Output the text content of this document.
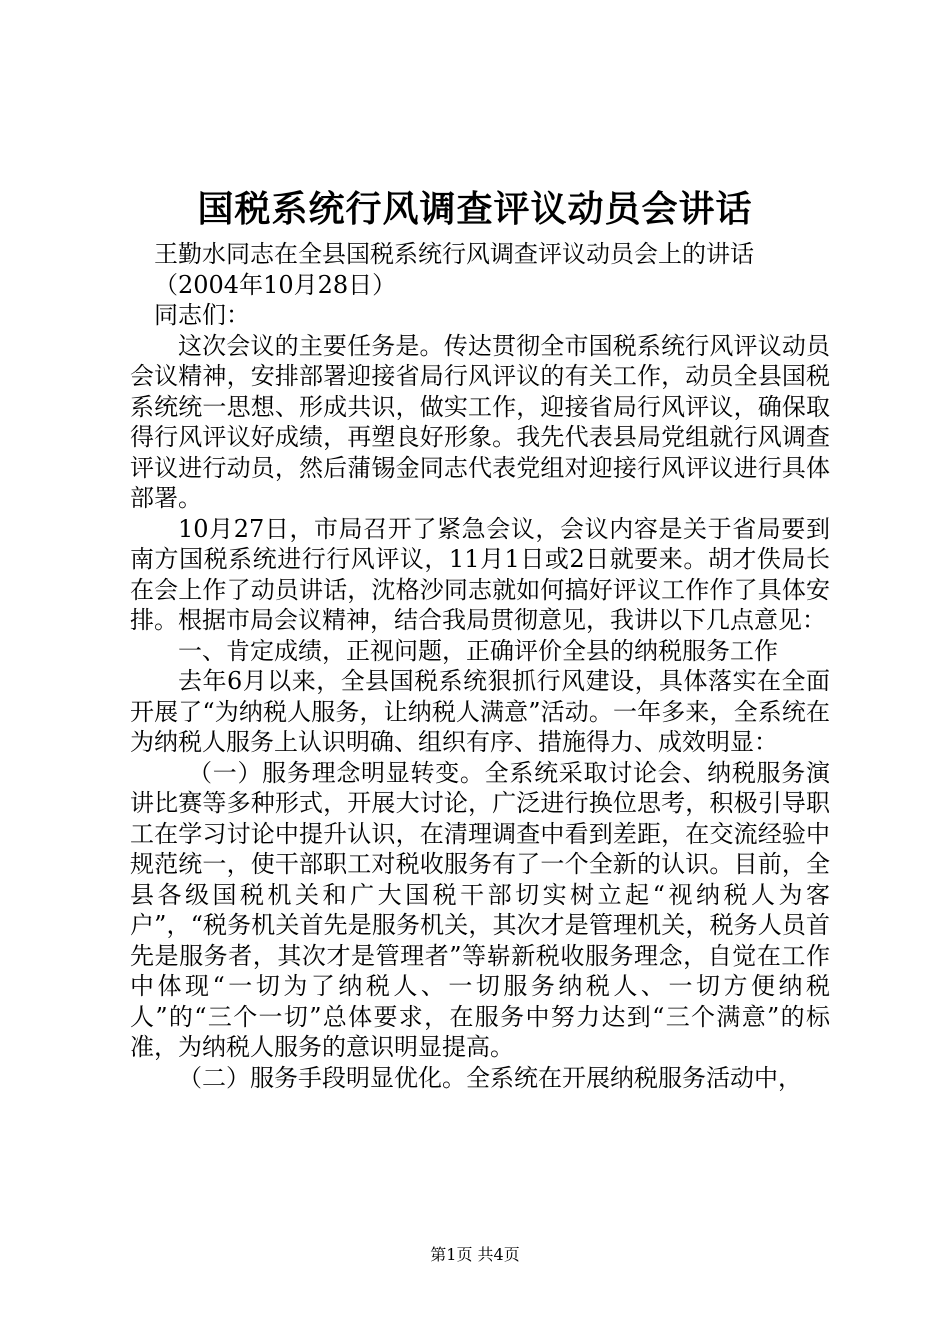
国税系统行风调查评议动员会讲话

王勤水同志在全县国税系统行风调查评议动员会上的讲话

（2004年10月28日）

同志们：

这次会议的主要任务是。传达贯彻全市国税系统行风评议动员会议精神，安排部署迎接省局行风评议的有关工作，动员全县国税系统统一思想、形成共识，做实工作，迎接省局行风评议，确保取得行风评议好成绩，再塑良好形象。我先代表县局党组就行风调查评议进行动员，然后蒲锡金同志代表党组对迎接行风评议进行具体部署。

10月27日，市局召开了紧急会议，会议内容是关于省局要到南方国税系统进行行风评议，11月1日或2日就要来。胡才佚局长在会上作了动员讲话，沈格沙同志就如何搞好评议工作作了具体安排。根据市局会议精神，结合我局贯彻意见，我讲以下几点意见：

一、肯定成绩，正视问题，正确评价全县的纳税服务工作

去年6月以来，全县国税系统狠抓行风建设，具体落实在全面开展了“为纳税人服务，让纳税人满意”活动。一年多来，全系统在为纳税人服务上认识明确、组织有序、措施得力、成效明显：

（一）服务理念明显转变。全系统采取讨论会、纳税服务演讲比赛等多种形式，开展大讨论，广泛进行换位思考，积极引导职工在学习讨论中提升认识，在清理调查中看到差距，在交流经验中规范统一，使干部职工对税收服务有了一个全新的认识。目前，全县各级国税机关和广大国税干部切实树立起“视纳税人为客户”，“税务机关首先是服务机关，其次才是管理机关，税务人员首先是服务者，其次才是管理者”等崭新税收服务理念，自觉在工作中体现“一切为了纳税人、一切服务纳税人、一切方便纳税人”的“三个一切”总体要求，在服务中努力达到“三个满意”的标准，为纳税人服务的意识明显提高。

（二）服务手段明显优化。全系统在开展纳税服务活动中，

第1页 共4页
